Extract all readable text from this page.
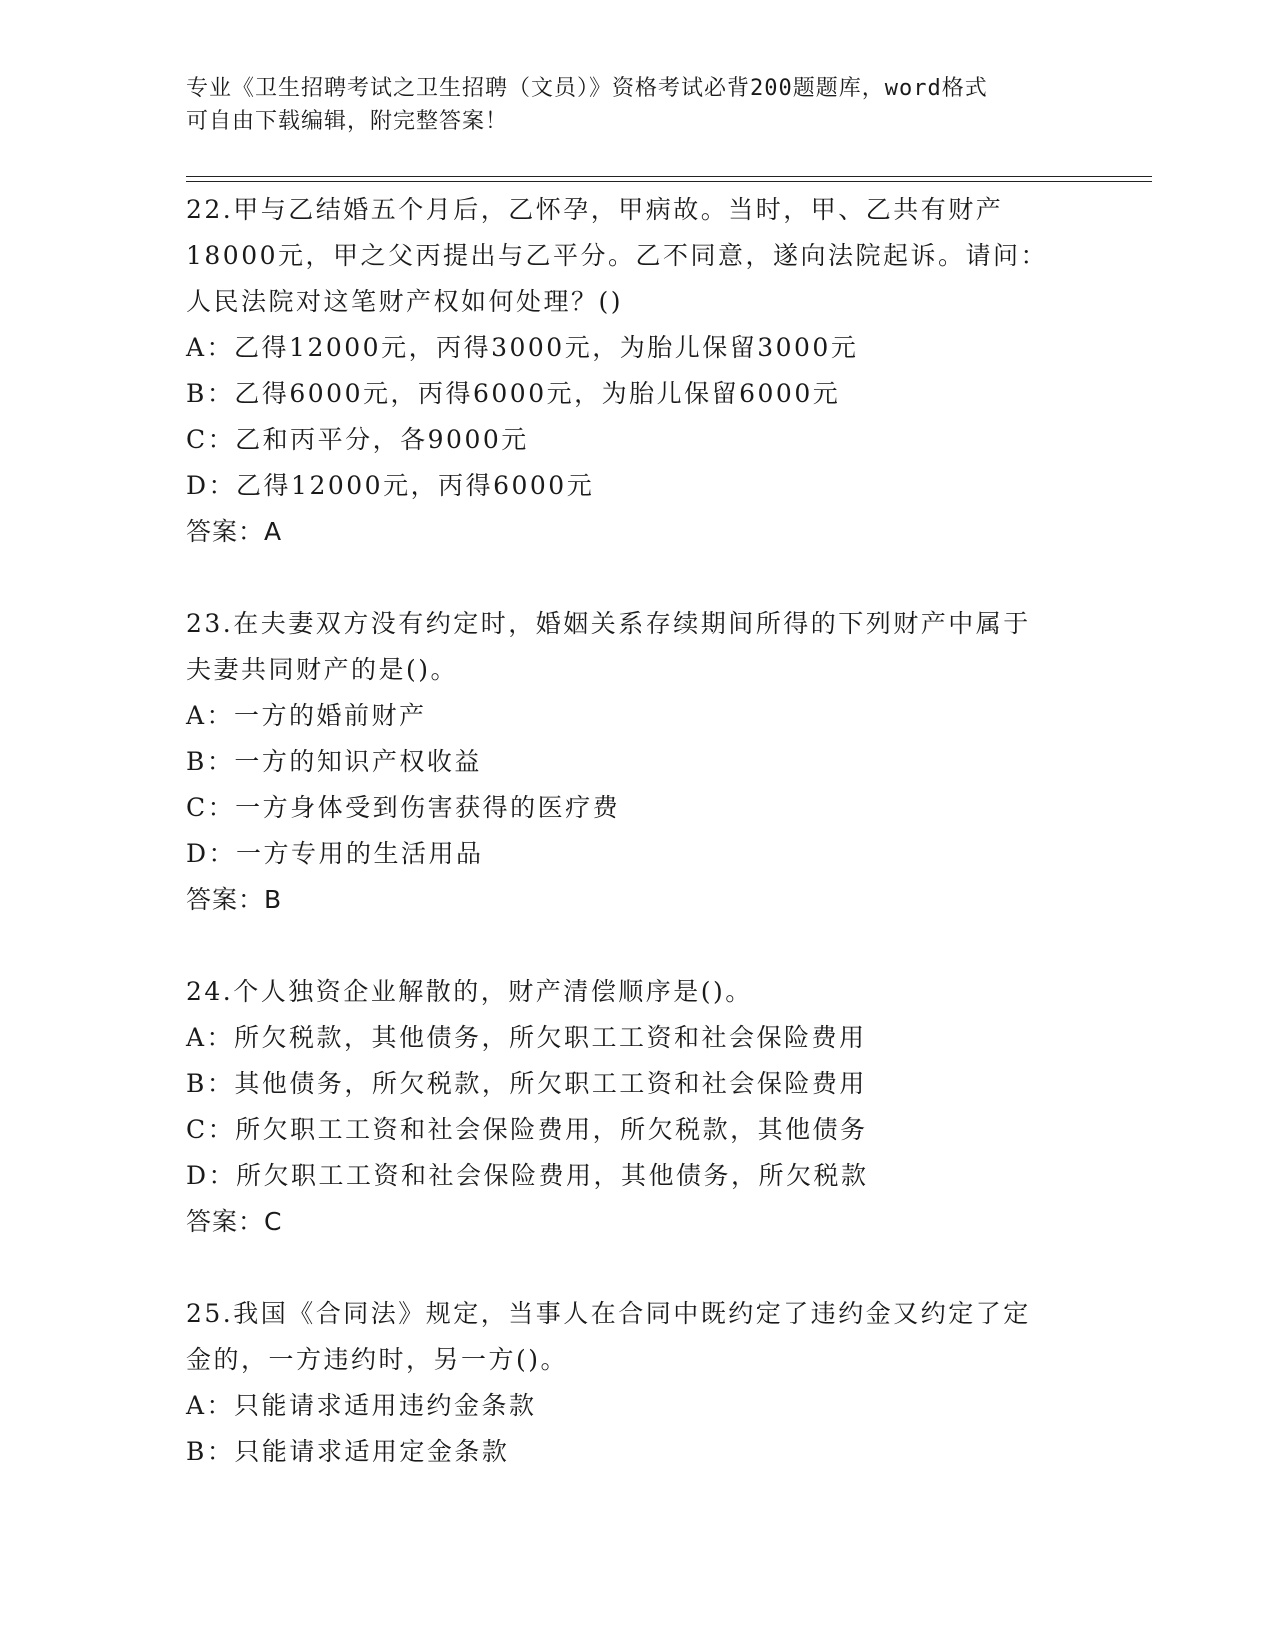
专业《卫生招聘考试之卫生招聘（文员）》资格考试必背200题题库，word格式
可自由下载编辑，附完整答案！
22.甲与乙结婚五个月后，乙怀孕，甲病故。当时，甲、乙共有财产
18000元，甲之父丙提出与乙平分。乙不同意，遂向法院起诉。请问：
人民法院对这笔财产权如何处理？()
A：乙得12000元，丙得3000元，为胎儿保留3000元
B：乙得6000元，丙得6000元，为胎儿保留6000元
C：乙和丙平分，各9000元
D：乙得12000元，丙得6000元
答案：A
23.在夫妻双方没有约定时，婚姻关系存续期间所得的下列财产中属于
夫妻共同财产的是()。
A：一方的婚前财产
B：一方的知识产权收益
C：一方身体受到伤害获得的医疗费
D：一方专用的生活用品
答案：B
24.个人独资企业解散的，财产清偿顺序是()。
A：所欠税款，其他债务，所欠职工工资和社会保险费用
B：其他债务，所欠税款，所欠职工工资和社会保险费用
C：所欠职工工资和社会保险费用，所欠税款，其他债务
D：所欠职工工资和社会保险费用，其他债务，所欠税款
答案：C
25.我国《合同法》规定，当事人在合同中既约定了违约金又约定了定
金的，一方违约时，另一方()。
A：只能请求适用违约金条款
B：只能请求适用定金条款
